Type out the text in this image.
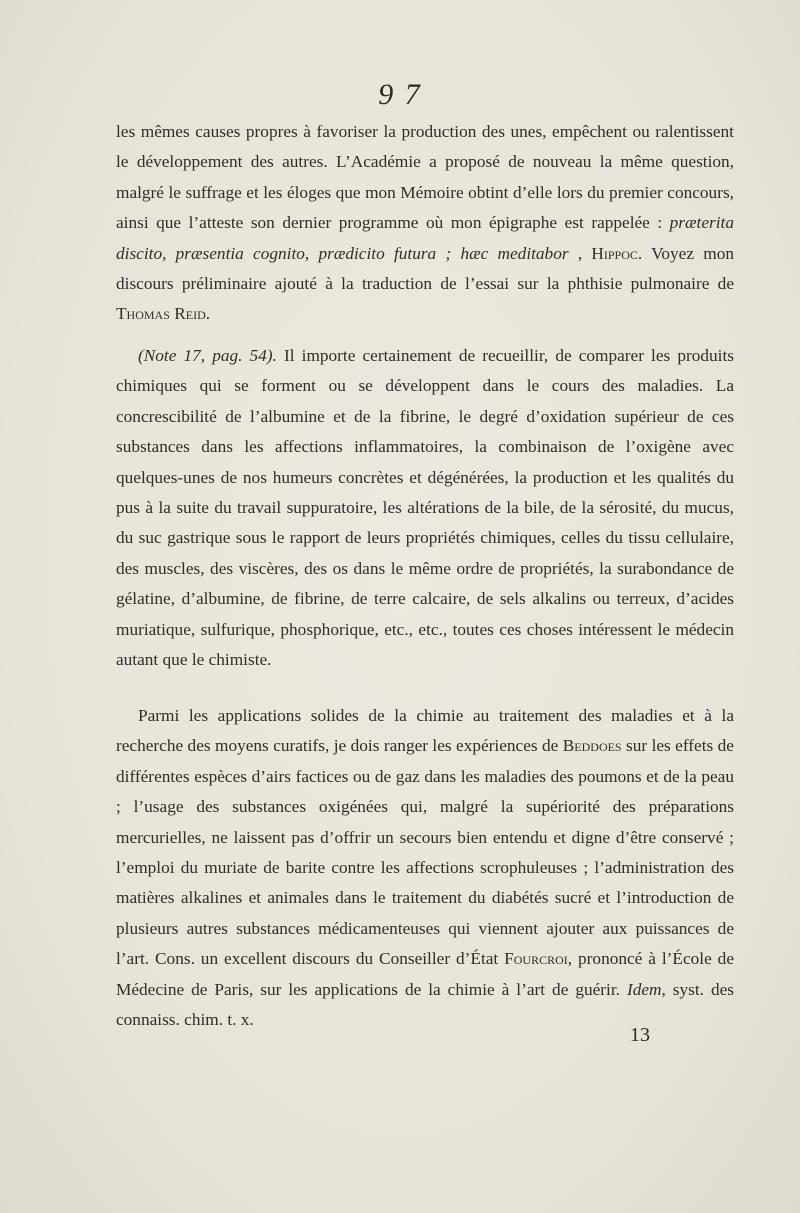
9 7

les mêmes causes propres à favoriser la production des unes, empêchent ou ralentissent le développement des autres. L’Académie a proposé de nouveau la même question, malgré le suffrage et les éloges que mon Mémoire obtint d’elle lors du premier concours, ainsi que l’atteste son dernier programme où mon épigraphe est rappelée : præterita discito, præsentia cognito, prædicito futura ; hæc meditabor , Hippoc. Voyez mon discours préliminaire ajouté à la traduction de l’essai sur la phthisie pulmonaire de Thomas Reid.

(Note 17, pag. 54). Il importe certainement de recueillir, de comparer les produits chimiques qui se forment ou se développent dans le cours des maladies. La concrescibilité de l’albumine et de la fibrine, le degré d’oxidation supérieur de ces substances dans les affections inflammatoires, la combinaison de l’oxigène avec quelques-unes de nos humeurs concrètes et dégénérées, la production et les qualités du pus à la suite du travail suppuratoire, les altérations de la bile, de la sérosité, du mucus, du suc gastrique sous le rapport de leurs propriétés chimiques, celles du tissu cellulaire, des muscles, des viscères, des os dans le même ordre de propriétés, la surabondance de gélatine, d’albumine, de fibrine, de terre calcaire, de sels alkalins ou terreux, d’acides muriatique, sulfurique, phosphorique, etc., etc., toutes ces choses intéressent le médecin autant que le chimiste.

Parmi les applications solides de la chimie au traitement des maladies et à la recherche des moyens curatifs, je dois ranger les expériences de Beddoes sur les effets de différentes espèces d’airs factices ou de gaz dans les maladies des poumons et de la peau ; l’usage des substances oxigénées qui, malgré la supériorité des préparations mercurielles, ne laissent pas d’offrir un secours bien entendu et digne d’être conservé ; l’emploi du muriate de barite contre les affections scrophuleuses ; l’administration des matières alkalines et animales dans le traitement du diabétés sucré et l’introduction de plusieurs autres substances médicamenteuses qui viennent ajouter aux puissances de l’art. Cons. un excellent discours du Conseiller d’État Fourcroi, prononcé à l’École de Médecine de Paris, sur les applications de la chimie à l’art de guérir. Idem, syst. des connaiss. chim. t. x.

13
